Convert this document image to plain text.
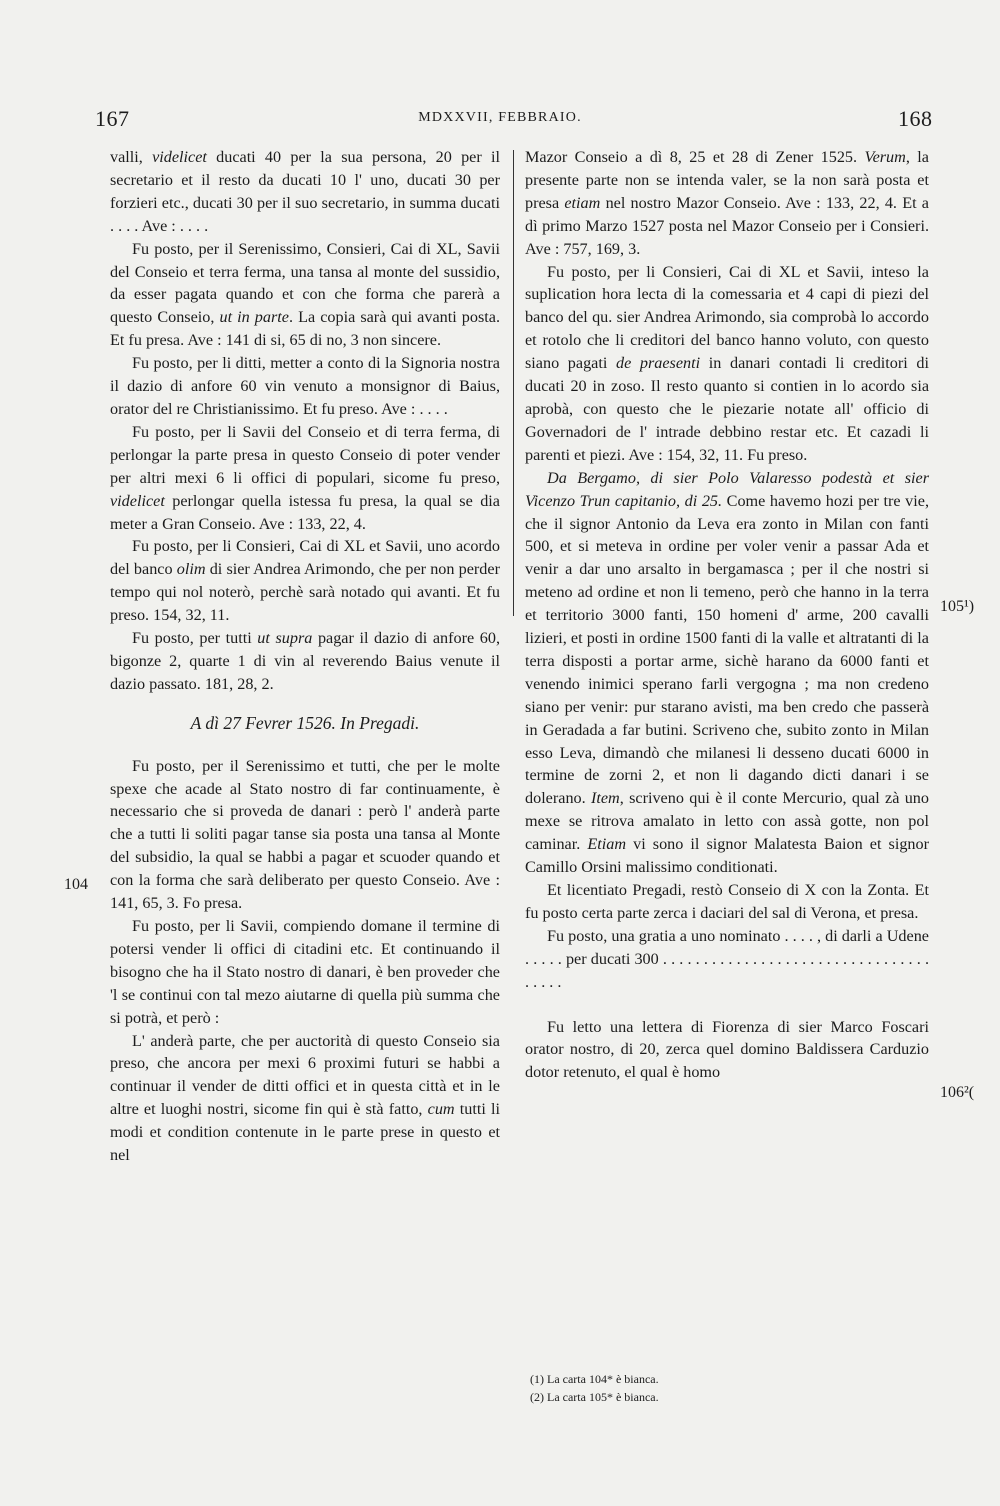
167	MDXXVII, FEBBRAIO.	168

valli, videlicet ducati 40 per la sua persona, 20 per il secretario et il resto da ducati 10 l' uno, ducati 30 per forzieri etc., ducati 30 per il suo secretario, in summa ducati . . . . Ave : . . . .

Fu posto, per il Serenissimo, Consieri, Cai di XL, Savii del Conseio et terra ferma, una tansa al monte del sussidio, da esser pagata quando et con che forma che parerà a questo Conseio, ut in parte. La copia sarà qui avanti posta. Et fu presa. Ave : 141 di si, 65 di no, 3 non sincere.

Fu posto, per li ditti, metter a conto di la Signoria nostra il dazio di anfore 60 vin venuto a monsignor di Baius, orator del re Christianissimo. Et fu preso. Ave : . . . .

Fu posto, per li Savii del Conseio et di terra ferma, di perlongar la parte presa in questo Conseio di poter vender per altri mexi 6 li offici di populari, sicome fu preso, videlicet perlongar quella istessa fu presa, la qual se dia meter a Gran Conseio. Ave : 133, 22, 4.

Fu posto, per li Consieri, Cai di XL et Savii, uno acordo del banco olim di sier Andrea Arimondo, che per non perder tempo qui nol noterò, perchè sarà notado qui avanti. Et fu preso. 154, 32, 11.

Fu posto, per tutti ut supra pagar il dazio di anfore 60, bigonze 2, quarte 1 di vin al reverendo Baius venute il dazio passato. 181, 28, 2.

A dì 27 Fevrer 1526. In Pregadi.

Fu posto, per il Serenissimo et tutti, che per le molte spexe che acade al Stato nostro di far continuamente, è necessario che si proveda de danari : però l' anderà parte che a tutti li soliti pagar tanse sia posta una tansa al Monte del subsidio, la qual se habbi a pagar et scuoder quando et con la forma che sarà deliberato per questo Conseio. Ave : 141, 65, 3. Fo presa.

Fu posto, per li Savii, compiendo domane il termine di potersi vender li offici di citadini etc. Et continuando il bisogno che ha il Stato nostro di danari, è ben proveder che 'l se continui con tal mezo aiutarne di quella più summa che si potrà, et però :

L' anderà parte, che per auctorità di questo Conseio sia preso, che ancora per mexi 6 proximi futuri se habbi a continuar il vender de ditti offici et in questa città et in le altre et luoghi nostri, sicome fin qui è stà fatto, cum tutti li modi et condition contenute in le parte prese in questo et nel

Mazor Conseio a dì 8, 25 et 28 di Zener 1525. Verum, la presente parte non se intenda valer, se la non sarà posta et presa etiam nel nostro Mazor Conseio. Ave : 133, 22, 4. Et a dì primo Marzo 1527 posta nel Mazor Conseio per i Consieri. Ave : 757, 169, 3.

Fu posto, per li Consieri, Cai di XL et Savii, inteso la suplication hora lecta di la comessaria et 4 capi di piezi del banco del qu. sier Andrea Arimondo, sia comprobà lo accordo et rotolo che li creditori del banco hanno voluto, con questo siano pagati de praesenti in danari contadi li creditori di ducati 20 in zoso. Il resto quanto si contien in lo acordo sia aprobà, con questo che le piezarie notate all' officio di Governadori de l' intrade debbino restar etc. Et cazadi li parenti et piezi. Ave : 154, 32, 11. Fu preso.

Da Bergamo, di sier Polo Valaresso podestà et sier Vicenzo Trun capitanio, di 25. Come havemo hozi per tre vie, che il signor Antonio da Leva era zonto in Milan con fanti 500, et si meteva in ordine per voler venir a passar Ada et venir a dar uno arsalto in bergamasca ; per il che nostri si meteno ad ordine et non li temeno, però che hanno in la terra et territorio 3000 fanti, 150 homeni d' arme, 200 cavalli lizieri, et posti in ordine 1500 fanti di la valle et altratanti di la terra disposti a portar arme, sichè harano da 6000 fanti et venendo inimici sperano farli vergogna ; ma non credeno siano per venir: pur starano avisti, ma ben credo che passerà in Geradada a far butini. Scriveno che, subito zonto in Milan esso Leva, dimandò che milanesi li desseno ducati 6000 in termine de zorni 2, et non li dagando dicti danari i se dolerano. Item, scriveno qui è il conte Mercurio, qual zà uno mexe se ritrova amalato in letto con assà gotte, non pol caminar. Etiam vi sono il signor Malatesta Baion et signor Camillo Orsini malissimo conditionati.

Et licentiato Pregadi, restò Conseio di X con la Zonta. Et fu posto certa parte zerca i daciari del sal di Verona, et presa.

Fu posto, una gratia a uno nominato . . . . , di darli a Udene . . . . . per ducati 300 . . . . . . . . . . . . . . . . . . . . . . . . . . . . . . . . . . . . . .

Fu letto una lettera di Fiorenza di sier Marco Foscari orator nostro, di 20, zerca quel domino Baldissera Carduzio dotor retenuto, el qual è homo

104
105¹)
106²(
(1) La carta 104* è bianca.
(2) La carta 105* è bianca.
